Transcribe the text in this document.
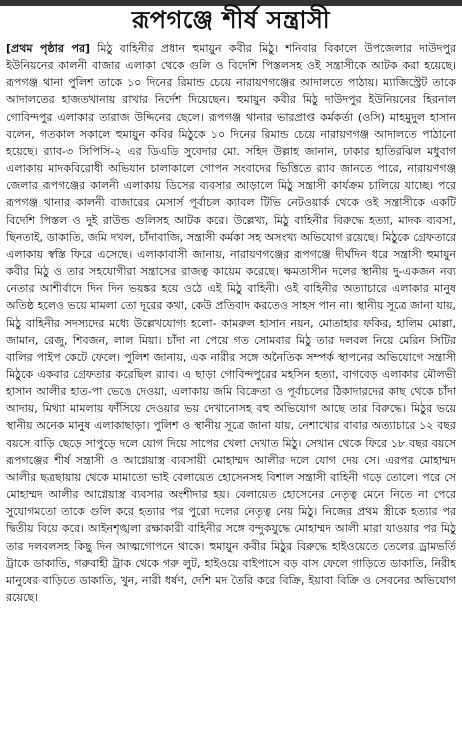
রূপগঞ্জে শীর্ষ সন্ত্রাসী
[প্রথম পৃষ্ঠার পর] মিঠু বাহিনীর প্রধান হুমায়ুন কবীর মিঠু। শনিবার বিকালে উপজেলার দাউদপুর ইউনিয়নের কালনী বাজার এলাকা থেকে গুলি ও বিদেশি পিস্তলসহ ওই সন্ত্রাসীকে আটক করা হয়েছে। রূপগঞ্জ থানা পুলিশ তাকে ১০ দিনের রিমান্ড চেয়ে নারায়ণগঞ্জের আদালতে পাঠায়। ম্যাজিস্ট্রেট তাকে আদালতের হাজতখানায় রাখার নির্দেশ দিয়েছেন। হুমায়ুন কবীর মিঠু দাউদপুর ইউনিয়নের হিরনাল গোবিন্দপুর এলাকার তারাজ উদ্দিনের ছেলে। রূপগঞ্জ থানার ভারপ্রাপ্ত কর্মকর্তা (ওসি) মাহমুদুল হাসান বলেন, গতকাল সকালে হুমায়ুন কবির মিঠুকে ১০ দিনের রিমান্ড চেয়ে নারায়ণগঞ্জ আদালতে পাঠানো হয়েছে। র‌্যাব-৩ সিপিসি-২ এর ডিএডি সুবেদার মো. সহিদ উল্লাহ জানান, ঢাকার হাতিরঝিল মধুবাগ এলাকায় মাদকবিরোধী অভিযান চালাকালে গোপন সংবাদের ভিত্তিতে র‌্যাব জানতে পারে, নারায়ণগঞ্জ জেলার রূপগঞ্জের কালনী এলাকায় ডিসের ব্যবসার আড়ালে মিঠু সন্ত্রাসী কার্যক্রম চালিয়ে যাচ্ছে। পরে রূপগঞ্জ থানার কালনী বাজারের মেসার্স পূর্বাচল ক্যাবল টিভি নেটওয়ার্ক থেকে ওই সন্ত্রাসীকে একটি বিদেশি পিস্তল ও দুই রাউন্ড গুলিসহ আটক করে। উল্লেখ্য, মিঠু বাহিনীর বিরুদ্ধে হত্যা, মাদক ব্যবসা, ছিনতাই, ডাকাতি, জমি দখল, চাঁদাবাজি, সন্ত্রাসী কর্মকা সহ অসংখ্য অভিযোগ রয়েছে। মিঠুকে গ্রেফতারে এলাকায় স্বস্তি ফিরে এসেছে। এলাকাবাসী জানায়, নারায়ণগঞ্জের রূপগঞ্জে দীর্ঘদিন ধরে সন্ত্রাসী হুমায়ুন কবীর মিঠু ও তার সহযোগীরা সন্ত্রাসের রাজত্ব কায়েম করেছে। ক্ষমতাসীন দলের স্থানীয় দু-একজন নব্য নেতার আশীর্বাদে দিন দিন ভয়ঙ্কর হয়ে ওঠে এই মিঠু বাহিনী। ওই বাহিনীর অত্যাচারে এলাকার মানুষ অতিষ্ঠ হলেও ভয়ে মামলা তো দূরের কথা, কেউ প্রতিবাদ করতেও সাহস পান না। স্থানীয় সূত্রে জানা যায়, মিঠু বাহিনীর সদস্যদের মধ্যে উল্লেখযোগ্য হলো- কামরুল হাসান নয়ন, মোতাহার ফকির, হালিম মোল্লা, জামান, রেজু, শিবজন, লাল মিয়া। চাঁদা না পেয়ে গত সোমবার মিঠু তার দলবল নিয়ে মেরিন সিটির বালির পাইপ কেটে ফেলে। পুলিশ জানায়, এক নারীর সঙ্গে অনৈতিক সম্পর্ক স্থাপনের অভিযোগে সন্ত্রাসী মিঠুকে একবার গ্রেফতার করেছিল র‌্যাব। এ ছাড়া গোবিন্দপুরের মহসিন হত্যা, বাগবেড় এলাকার মৌলভী হাসান আলীর হাত-পা ভেঙে দেওয়া, এলাকায় জমি বিক্রেতা ও পূর্বাচলের ঠিকাদারদের কাছ থেকে চাঁদা আদায়, মিথ্যা মামলায় ফাঁসিয়ে দেওয়ার ভয় দেখানোসহ বহু অভিযোগ আছে তার বিরুদ্ধে। মিঠুর ভয়ে স্থানীয় অনেক মানুষ এলাকাছাড়া। পুলিশ ও স্থানীয় সূত্রে জানা যায়, নেশাখোর বাবার অত্যাচারে ১২ বছর বয়সে বাড়ি ছেড়ে সাপুড়ে দলে যোগ দিয়ে সাপের খেলা দেখাত মিঠু। সেখান থেকে ফিরে ১৮ বছর বয়সে রূপগঞ্জের শীর্ষ সন্ত্রাসী ও আগ্নেয়াস্ত্র ব্যবসায়ী মোহাম্মদ আলীর দলে যোগ দেয় সে। এরপর মোহাম্মদ আলীর ছত্রছায়ায় থেকে মামাতো ভাই বেলায়েত হোসেনসহ বিশাল সন্ত্রাসী বাহিনী গড়ে তোলে। পরে সে মোহাম্মদ আলীর আগ্নেয়াস্ত্র ব্যবসার অংশীদার হয়। বেলায়েত হোসেনের নেতৃত্ব মেনে নিতে না পেরে সুযোগমতো তাকে গুলি করে হত্যার পর পুরো দলের নেতৃত্ব নেয় মিঠু। নিজের প্রথম স্ত্রীকে হত্যার পর দ্বিতীয় বিয়ে করে। আইনশৃঙ্খলা রক্ষাকারী বাহিনীর সঙ্গে বন্দুকযুদ্ধে মোহাম্মদ আলী মারা যাওয়ার পর মিঠু তার দলবলসহ কিছু দিন আত্মগোপনে থাকে। হুমায়ুন কবীর মিঠুর বিরুদ্ধে হাইওয়েতে তেলের ড্রামভর্তি ট্রাকে ডাকাতি, গরুবাহী ট্রাক থেকে গরু লুট, হাইওয়ে বাইপাসে বড় বাস ফেলে গাড়িতে ডাকাতি, নিরীহ মানুষের বাড়িতে ডাকাতি, খুন, নারী ধর্ষণ, দেশি মদ তৈরি করে বিক্রি, ইয়াবা বিক্রি ও সেবনের অভিযোগ রয়েছে।
